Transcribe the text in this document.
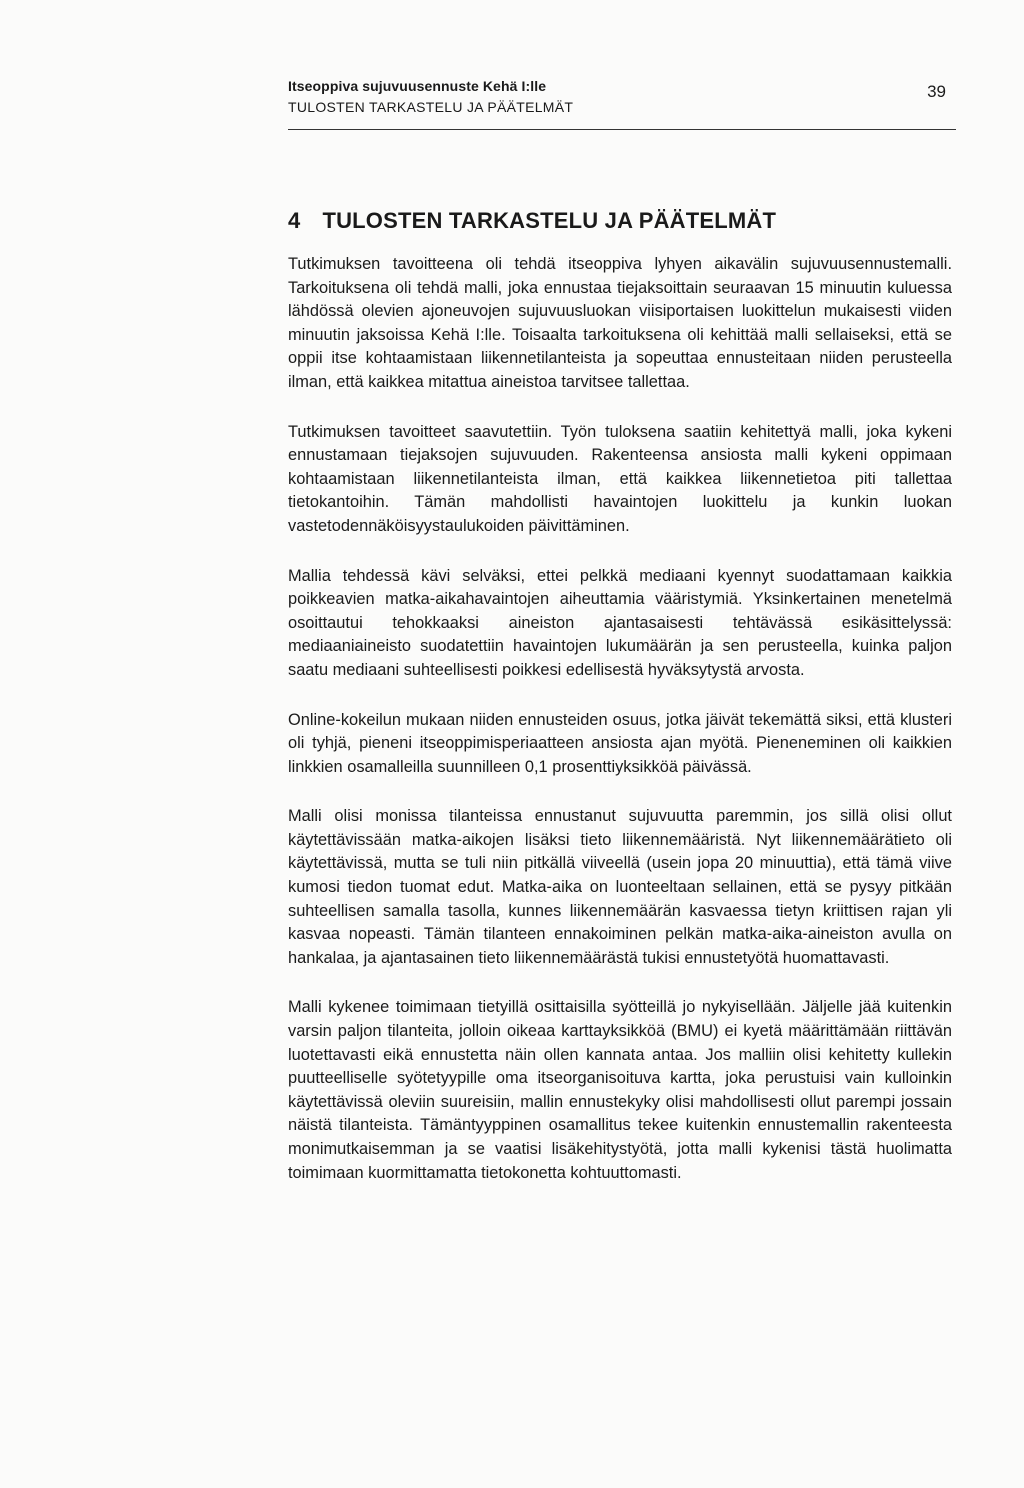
Itseoppiva sujuvuusennuste Kehä I:lle
TULOSTEN TARKASTELU JA PÄÄTELMÄT
39
4 TULOSTEN TARKASTELU JA PÄÄTELMÄT

Tutkimuksen tavoitteena oli tehdä itseoppiva lyhyen aikavälin sujuvuusennustemalli. Tarkoituksena oli tehdä malli, joka ennustaa tiejaksoittain seuraavan 15 minuutin kuluessa lähdössä olevien ajoneuvojen sujuvuusluokan viisiportaisen luokittelun mukaisesti viiden minuutin jaksoissa Kehä I:lle. Toisaalta tarkoituksena oli kehittää malli sellaiseksi, että se oppii itse kohtaamistaan liikennetilanteista ja sopeuttaa ennusteitaan niiden perusteella ilman, että kaikkea mitattua aineistoa tarvitsee tallettaa.

Tutkimuksen tavoitteet saavutettiin. Työn tuloksena saatiin kehitettyä malli, joka kykeni ennustamaan tiejaksojen sujuvuuden. Rakenteensa ansiosta malli kykeni oppimaan kohtaamistaan liikennetilanteista ilman, että kaikkea liikennetietoa piti tallettaa tietokantoihin. Tämän mahdollisti havaintojen luokittelu ja kunkin luokan vastetodennäköisyystaulukoiden päivittäminen.

Mallia tehdessä kävi selväksi, ettei pelkkä mediaani kyennyt suodattamaan kaikkia poikkeavien matka-aikahavaintojen aiheuttamia vääristymiä. Yksinkertainen menetelmä osoittautui tehokkaaksi aineiston ajantasaisesti tehtävässä esikäsittelyssä: mediaaniaineisto suodatettiin havaintojen lukumäärän ja sen perusteella, kuinka paljon saatu mediaani suhteellisesti poikkesi edellisestä hyväksytystä arvosta.

Online-kokeilun mukaan niiden ennusteiden osuus, jotka jäivät tekemättä siksi, että klusteri oli tyhjä, pieneni itseoppimisperiaatteen ansiosta ajan myötä. Pieneneminen oli kaikkien linkkien osamalleilla suunnilleen 0,1 prosenttiyksikköä päivässä.

Malli olisi monissa tilanteissa ennustanut sujuvuutta paremmin, jos sillä olisi ollut käytettävissään matka-aikojen lisäksi tieto liikennemääristä. Nyt liikennemäärätieto oli käytettävissä, mutta se tuli niin pitkällä viiveellä (usein jopa 20 minuuttia), että tämä viive kumosi tiedon tuomat edut. Matka-aika on luonteeltaan sellainen, että se pysyy pitkään suhteellisen samalla tasolla, kunnes liikennemäärän kasvaessa tietyn kriittisen rajan yli kasvaa nopeasti. Tämän tilanteen ennakoiminen pelkän matka-aika-aineiston avulla on hankalaa, ja ajantasainen tieto liikennemäärästä tukisi ennustetyötä huomattavasti.

Malli kykenee toimimaan tietyillä osittaisilla syötteillä jo nykyisellään. Jäljelle jää kuitenkin varsin paljon tilanteita, jolloin oikeaa karttayksikköä (BMU) ei kyetä määrittämään riittävän luotettavasti eikä ennustetta näin ollen kannata antaa. Jos malliin olisi kehitetty kullekin puutteelliselle syötetyypille oma itseorganisoituva kartta, joka perustuisi vain kulloinkin käytettävissä oleviin suureisiin, mallin ennustekyky olisi mahdollisesti ollut parempi jossain näistä tilanteista. Tämäntyyppinen osamallitus tekee kuitenkin ennustemallin rakenteesta monimutkaisemman ja se vaatisi lisäkehitystyötä, jotta malli kykenisi tästä huolimatta toimimaan kuormittamatta tietokonetta kohtuuttomasti.
